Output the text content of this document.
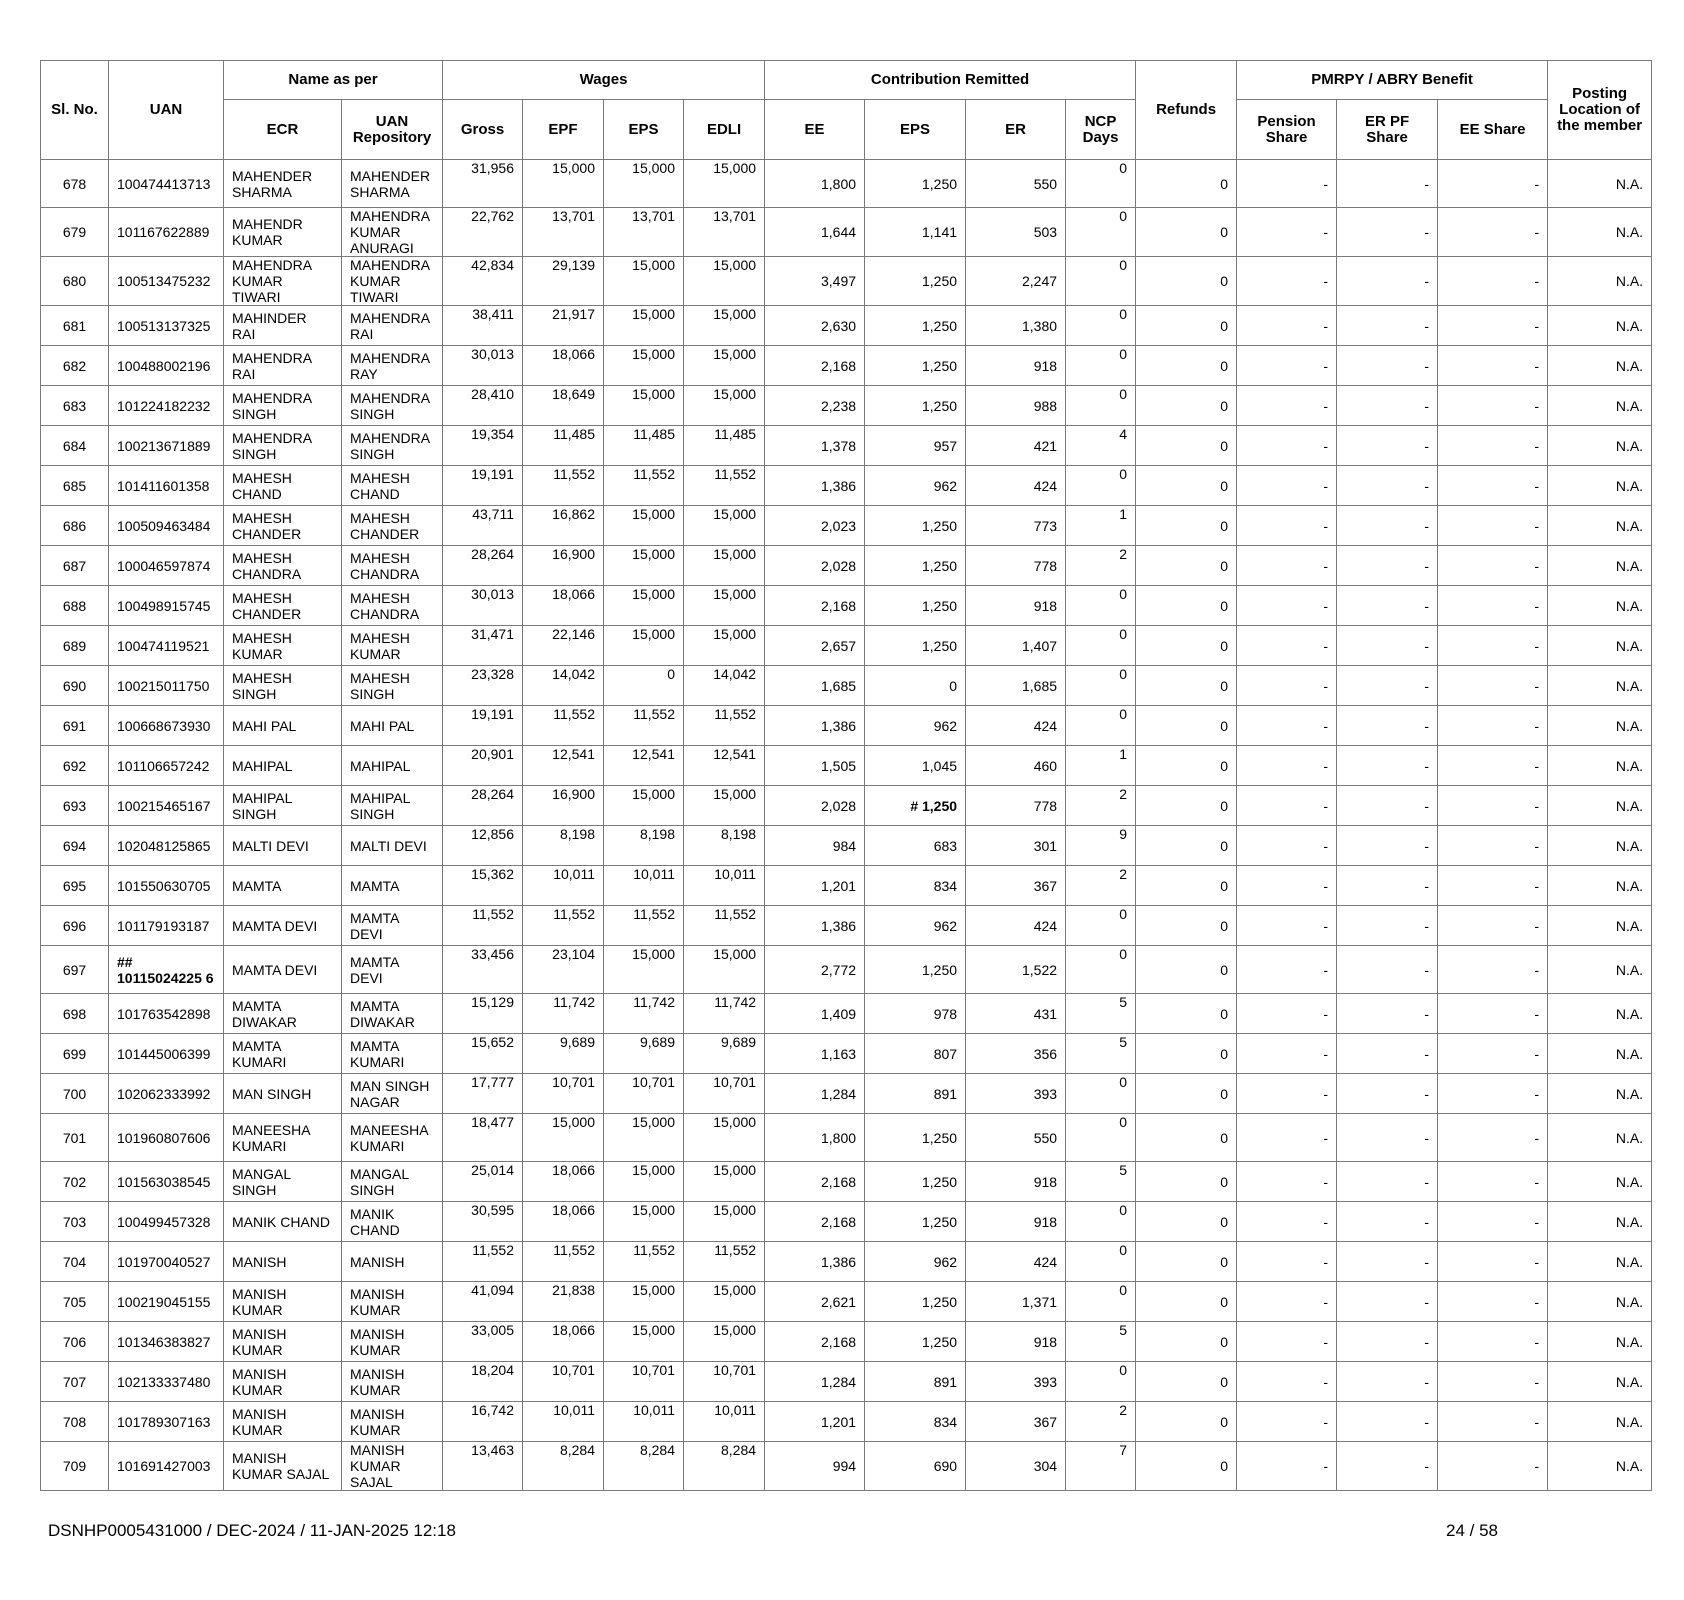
Sl. No.	UAN	Name as per		Wages				Contribution Remitted				Refunds	PMRPY / ABRY Benefit			Posting Location of the member
		ECR	UAN Repository	Gross	EPF	EPS	EDLI	EE	EPS	ER	NCP Days		Pension Share	ER PF Share	EE Share	
678	100474413713	MAHENDER SHARMA	MAHENDER SHARMA	31,956	15,000	15,000	15,000	1,800	1,250	550	0	0	-	-	-	N.A.
679	101167622889	MAHENDR KUMAR	MAHENDRA KUMAR ANURAGI	22,762	13,701	13,701	13,701	1,644	1,141	503	0	0	-	-	-	N.A.
680	100513475232	MAHENDRA KUMAR TIWARI	MAHENDRA KUMAR TIWARI	42,834	29,139	15,000	15,000	3,497	1,250	2,247	0	0	-	-	-	N.A.
681	100513137325	MAHINDER RAI	MAHENDRA RAI	38,411	21,917	15,000	15,000	2,630	1,250	1,380	0	0	-	-	-	N.A.
682	100488002196	MAHENDRA RAI	MAHENDRA RAY	30,013	18,066	15,000	15,000	2,168	1,250	918	0	0	-	-	-	N.A.
683	101224182232	MAHENDRA SINGH	MAHENDRA SINGH	28,410	18,649	15,000	15,000	2,238	1,250	988	0	0	-	-	-	N.A.
684	100213671889	MAHENDRA SINGH	MAHENDRA SINGH	19,354	11,485	11,485	11,485	1,378	957	421	4	0	-	-	-	N.A.
685	101411601358	MAHESH CHAND	MAHESH CHAND	19,191	11,552	11,552	11,552	1,386	962	424	0	0	-	-	-	N.A.
686	100509463484	MAHESH CHANDER	MAHESH CHANDER	43,711	16,862	15,000	15,000	2,023	1,250	773	1	0	-	-	-	N.A.
687	100046597874	MAHESH CHANDRA	MAHESH CHANDRA	28,264	16,900	15,000	15,000	2,028	1,250	778	2	0	-	-	-	N.A.
688	100498915745	MAHESH CHANDER	MAHESH CHANDRA	30,013	18,066	15,000	15,000	2,168	1,250	918	0	0	-	-	-	N.A.
689	100474119521	MAHESH KUMAR	MAHESH KUMAR	31,471	22,146	15,000	15,000	2,657	1,250	1,407	0	0	-	-	-	N.A.
690	100215011750	MAHESH SINGH	MAHESH SINGH	23,328	14,042	0	14,042	1,685	0	1,685	0	0	-	-	-	N.A.
691	100668673930	MAHI PAL	MAHI PAL	19,191	11,552	11,552	11,552	1,386	962	424	0	0	-	-	-	N.A.
692	101106657242	MAHIPAL	MAHIPAL	20,901	12,541	12,541	12,541	1,505	1,045	460	1	0	-	-	-	N.A.
693	100215465167	MAHIPAL SINGH	MAHIPAL SINGH	28,264	16,900	15,000	15,000	2,028	# 1,250	778	2	0	-	-	-	N.A.
694	102048125865	MALTI DEVI	MALTI DEVI	12,856	8,198	8,198	8,198	984	683	301	9	0	-	-	-	N.A.
695	101550630705	MAMTA	MAMTA	15,362	10,011	10,011	10,011	1,201	834	367	2	0	-	-	-	N.A.
696	101179193187	MAMTA DEVI	MAMTA DEVI	11,552	11,552	11,552	11,552	1,386	962	424	0	0	-	-	-	N.A.
697	## 10115024225 6	MAMTA DEVI	MAMTA DEVI	33,456	23,104	15,000	15,000	2,772	1,250	1,522	0	0	-	-	-	N.A.
698	101763542898	MAMTA DIWAKAR	MAMTA DIWAKAR	15,129	11,742	11,742	11,742	1,409	978	431	5	0	-	-	-	N.A.
699	101445006399	MAMTA KUMARI	MAMTA KUMARI	15,652	9,689	9,689	9,689	1,163	807	356	5	0	-	-	-	N.A.
700	102062333992	MAN SINGH	MAN SINGH NAGAR	17,777	10,701	10,701	10,701	1,284	891	393	0	0	-	-	-	N.A.
701	101960807606	MANEESHA KUMARI	MANEESHA KUMARI	18,477	15,000	15,000	15,000	1,800	1,250	550	0	0	-	-	-	N.A.
702	101563038545	MANGAL SINGH	MANGAL SINGH	25,014	18,066	15,000	15,000	2,168	1,250	918	5	0	-	-	-	N.A.
703	100499457328	MANIK CHAND	MANIK CHAND	30,595	18,066	15,000	15,000	2,168	1,250	918	0	0	-	-	-	N.A.
704	101970040527	MANISH	MANISH	11,552	11,552	11,552	11,552	1,386	962	424	0	0	-	-	-	N.A.
705	100219045155	MANISH KUMAR	MANISH KUMAR	41,094	21,838	15,000	15,000	2,621	1,250	1,371	0	0	-	-	-	N.A.
706	101346383827	MANISH KUMAR	MANISH KUMAR	33,005	18,066	15,000	15,000	2,168	1,250	918	5	0	-	-	-	N.A.
707	102133337480	MANISH KUMAR	MANISH KUMAR	18,204	10,701	10,701	10,701	1,284	891	393	0	0	-	-	-	N.A.
708	101789307163	MANISH KUMAR	MANISH KUMAR	16,742	10,011	10,011	10,011	1,201	834	367	2	0	-	-	-	N.A.
709	101691427003	MANISH KUMAR SAJAL	MANISH KUMAR SAJAL	13,463	8,284	8,284	8,284	994	690	304	7	0	-	-	-	N.A.
DSNHP0005431000 / DEC-2024 / 11-JAN-2025 12:18	24 / 58
